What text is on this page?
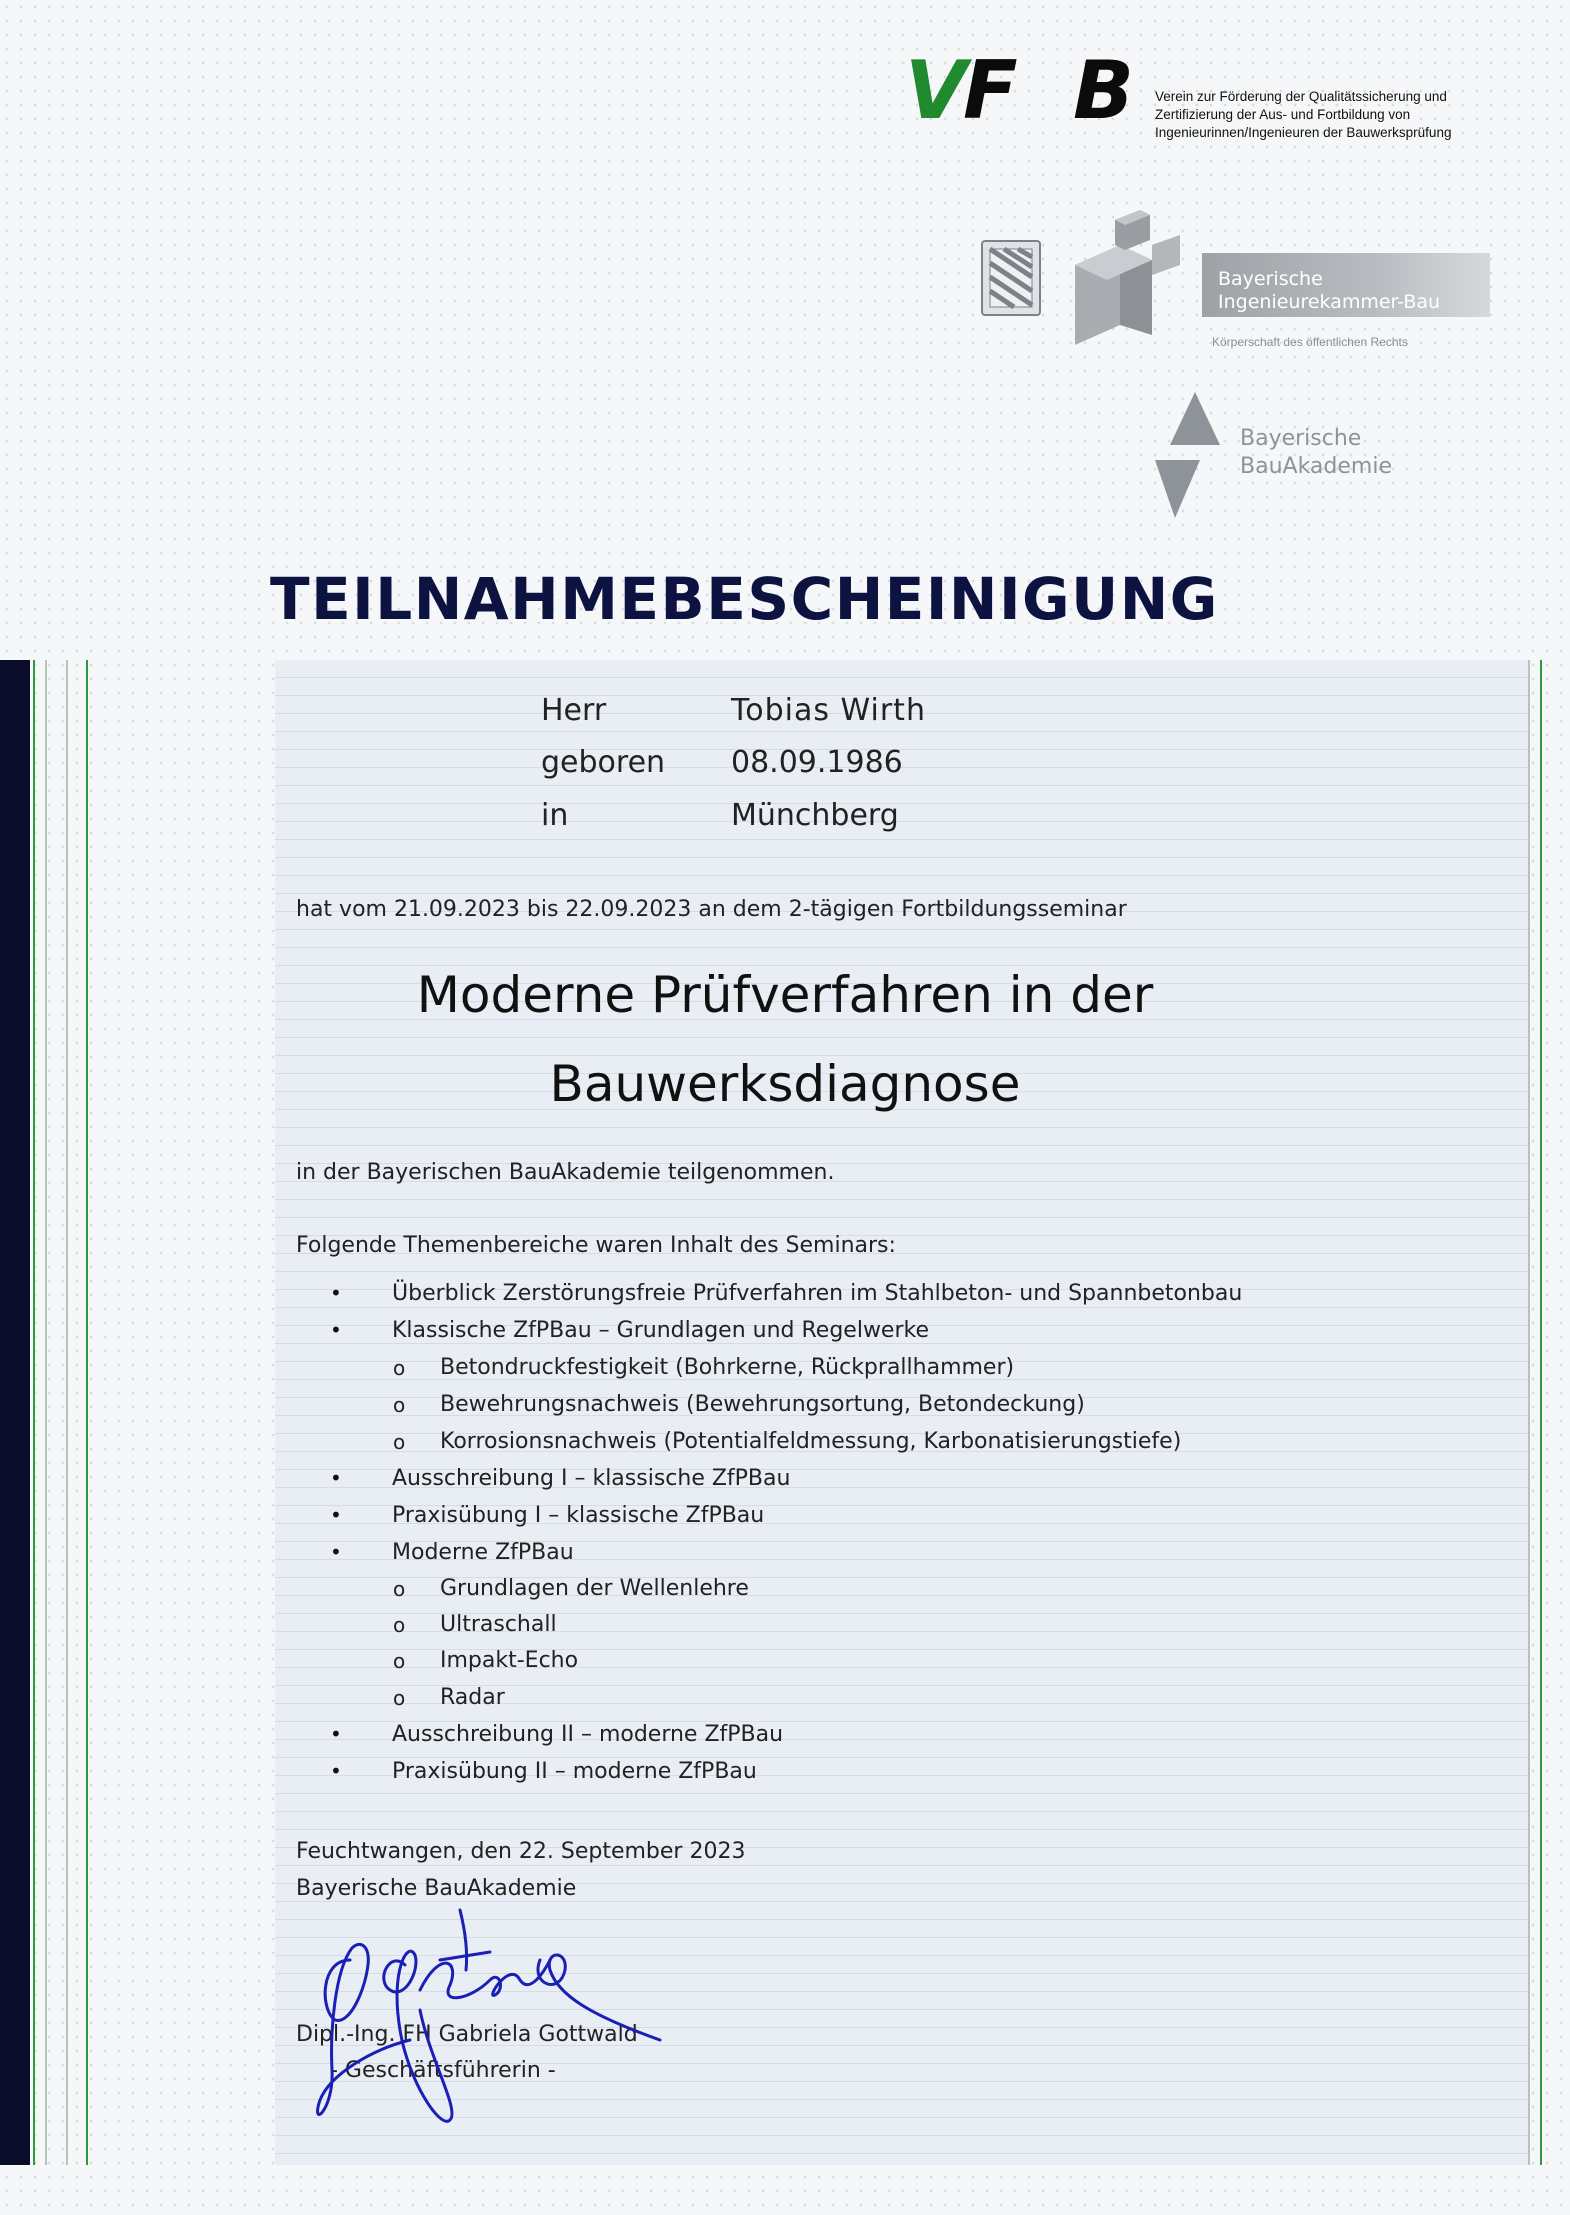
V
F B Verein zur Förderung der Qualitätssicherung und
Zertifizierung der Aus- und Fortbildung von
Ingenieurinnen/Ingenieuren der Bauwerksprüfung
Bayerische
Ingenieurekammer-Bau
Körperschaft des öffentlichen Rechts
Bayerische
BauAkademie
TEILNAHMEBESCHEINIGUNG
Herr	Tobias Wirth
geboren 08.09.1986
in	Münchberg
hat vom 21.09.2023 bis 22.09.2023 an dem 2-tägigen Fortbildungsseminar
Moderne Prüfverfahren in der
Bauwerksdiagnose
in der Bayerischen BauAkademie teilgenommen.
Folgende Themenbereiche waren Inhalt des Seminars:
• Überblick Zerstörungsfreie Prüfverfahren im Stahlbeton- und Spannbetonbau
• Klassische ZfPBau – Grundlagen und Regelwerke
o Betondruckfestigkeit (Bohrkerne, Rückprallhammer)
o Bewehrungsnachweis (Bewehrungsortung, Betondeckung)
o Korrosionsnachweis (Potentialfeldmessung, Karbonatisierungstiefe)
• Ausschreibung I – klassische ZfPBau
• Praxisübung I – klassische ZfPBau
• Moderne ZfPBau
o Grundlagen der Wellenlehre
o Ultraschall
o Impakt-Echo
o Radar
• Ausschreibung II – moderne ZfPBau
• Praxisübung II – moderne ZfPBau
Feuchtwangen, den 22. September 2023
Bayerische BauAkademie
Dipl.-Ing. FH Gabriela Gottwald
- Geschäftsführerin -
